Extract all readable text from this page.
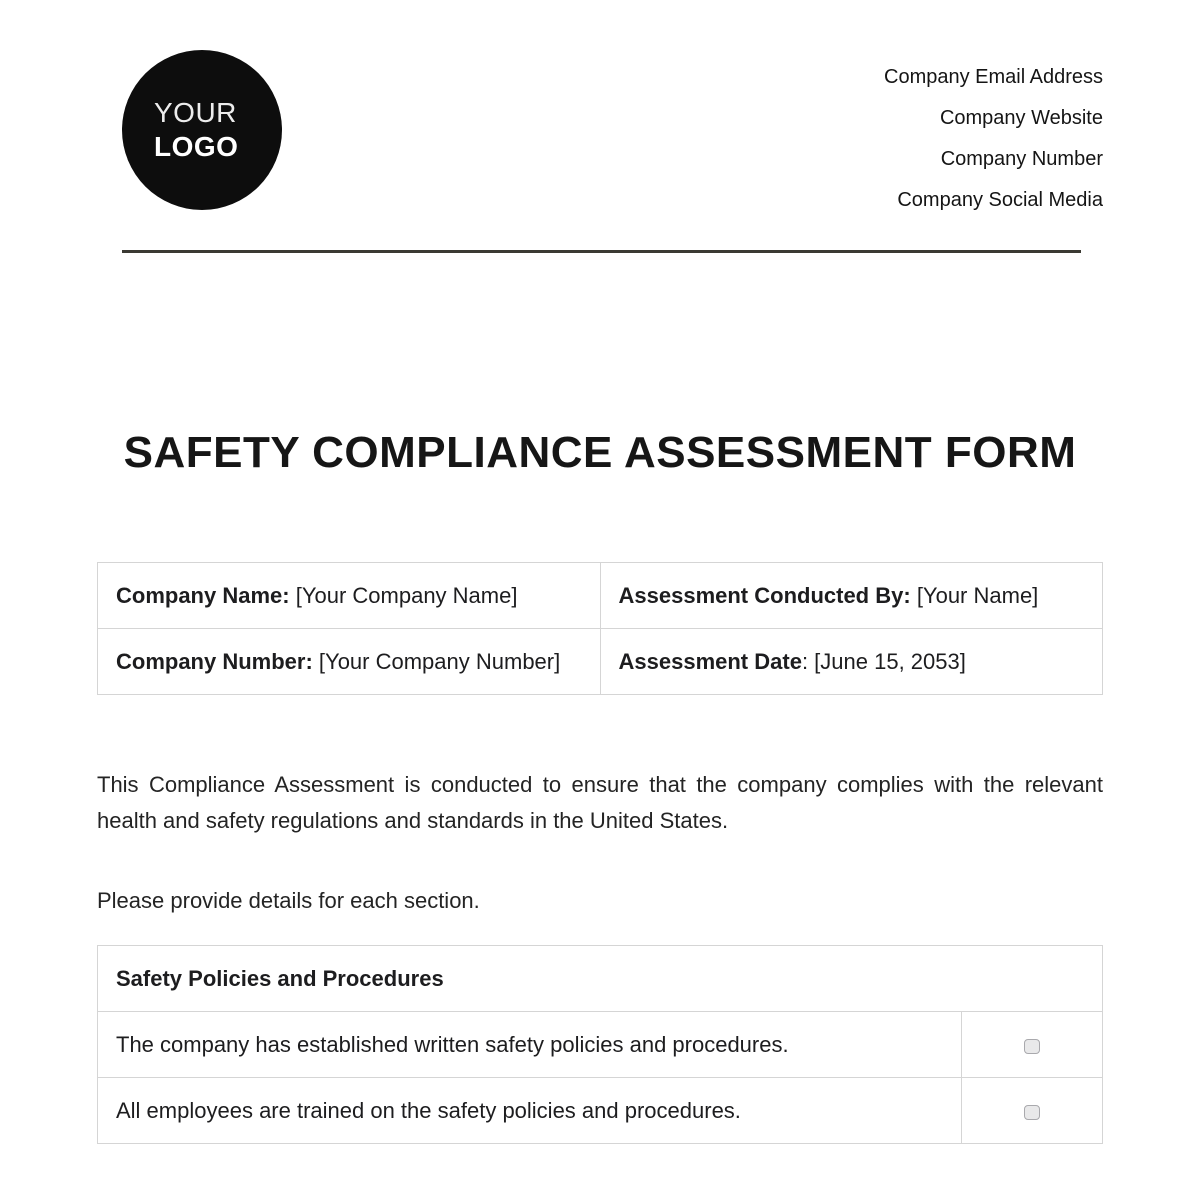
YOUR
LOGO
Company Email Address
Company Website
Company Number
Company Social Media
SAFETY COMPLIANCE ASSESSMENT FORM
Company Name: [Your Company Name]	Assessment Conducted By: [Your Name]
Company Number: [Your Company Number]	Assessment Date: [June 15, 2053]

This Compliance Assessment is conducted to ensure that the company complies with the relevant health and safety regulations and standards in the United States.

Please provide details for each section.

Safety Policies and Procedures	
The company has established written safety policies and procedures.	
All employees are trained on the safety policies and procedures.	
